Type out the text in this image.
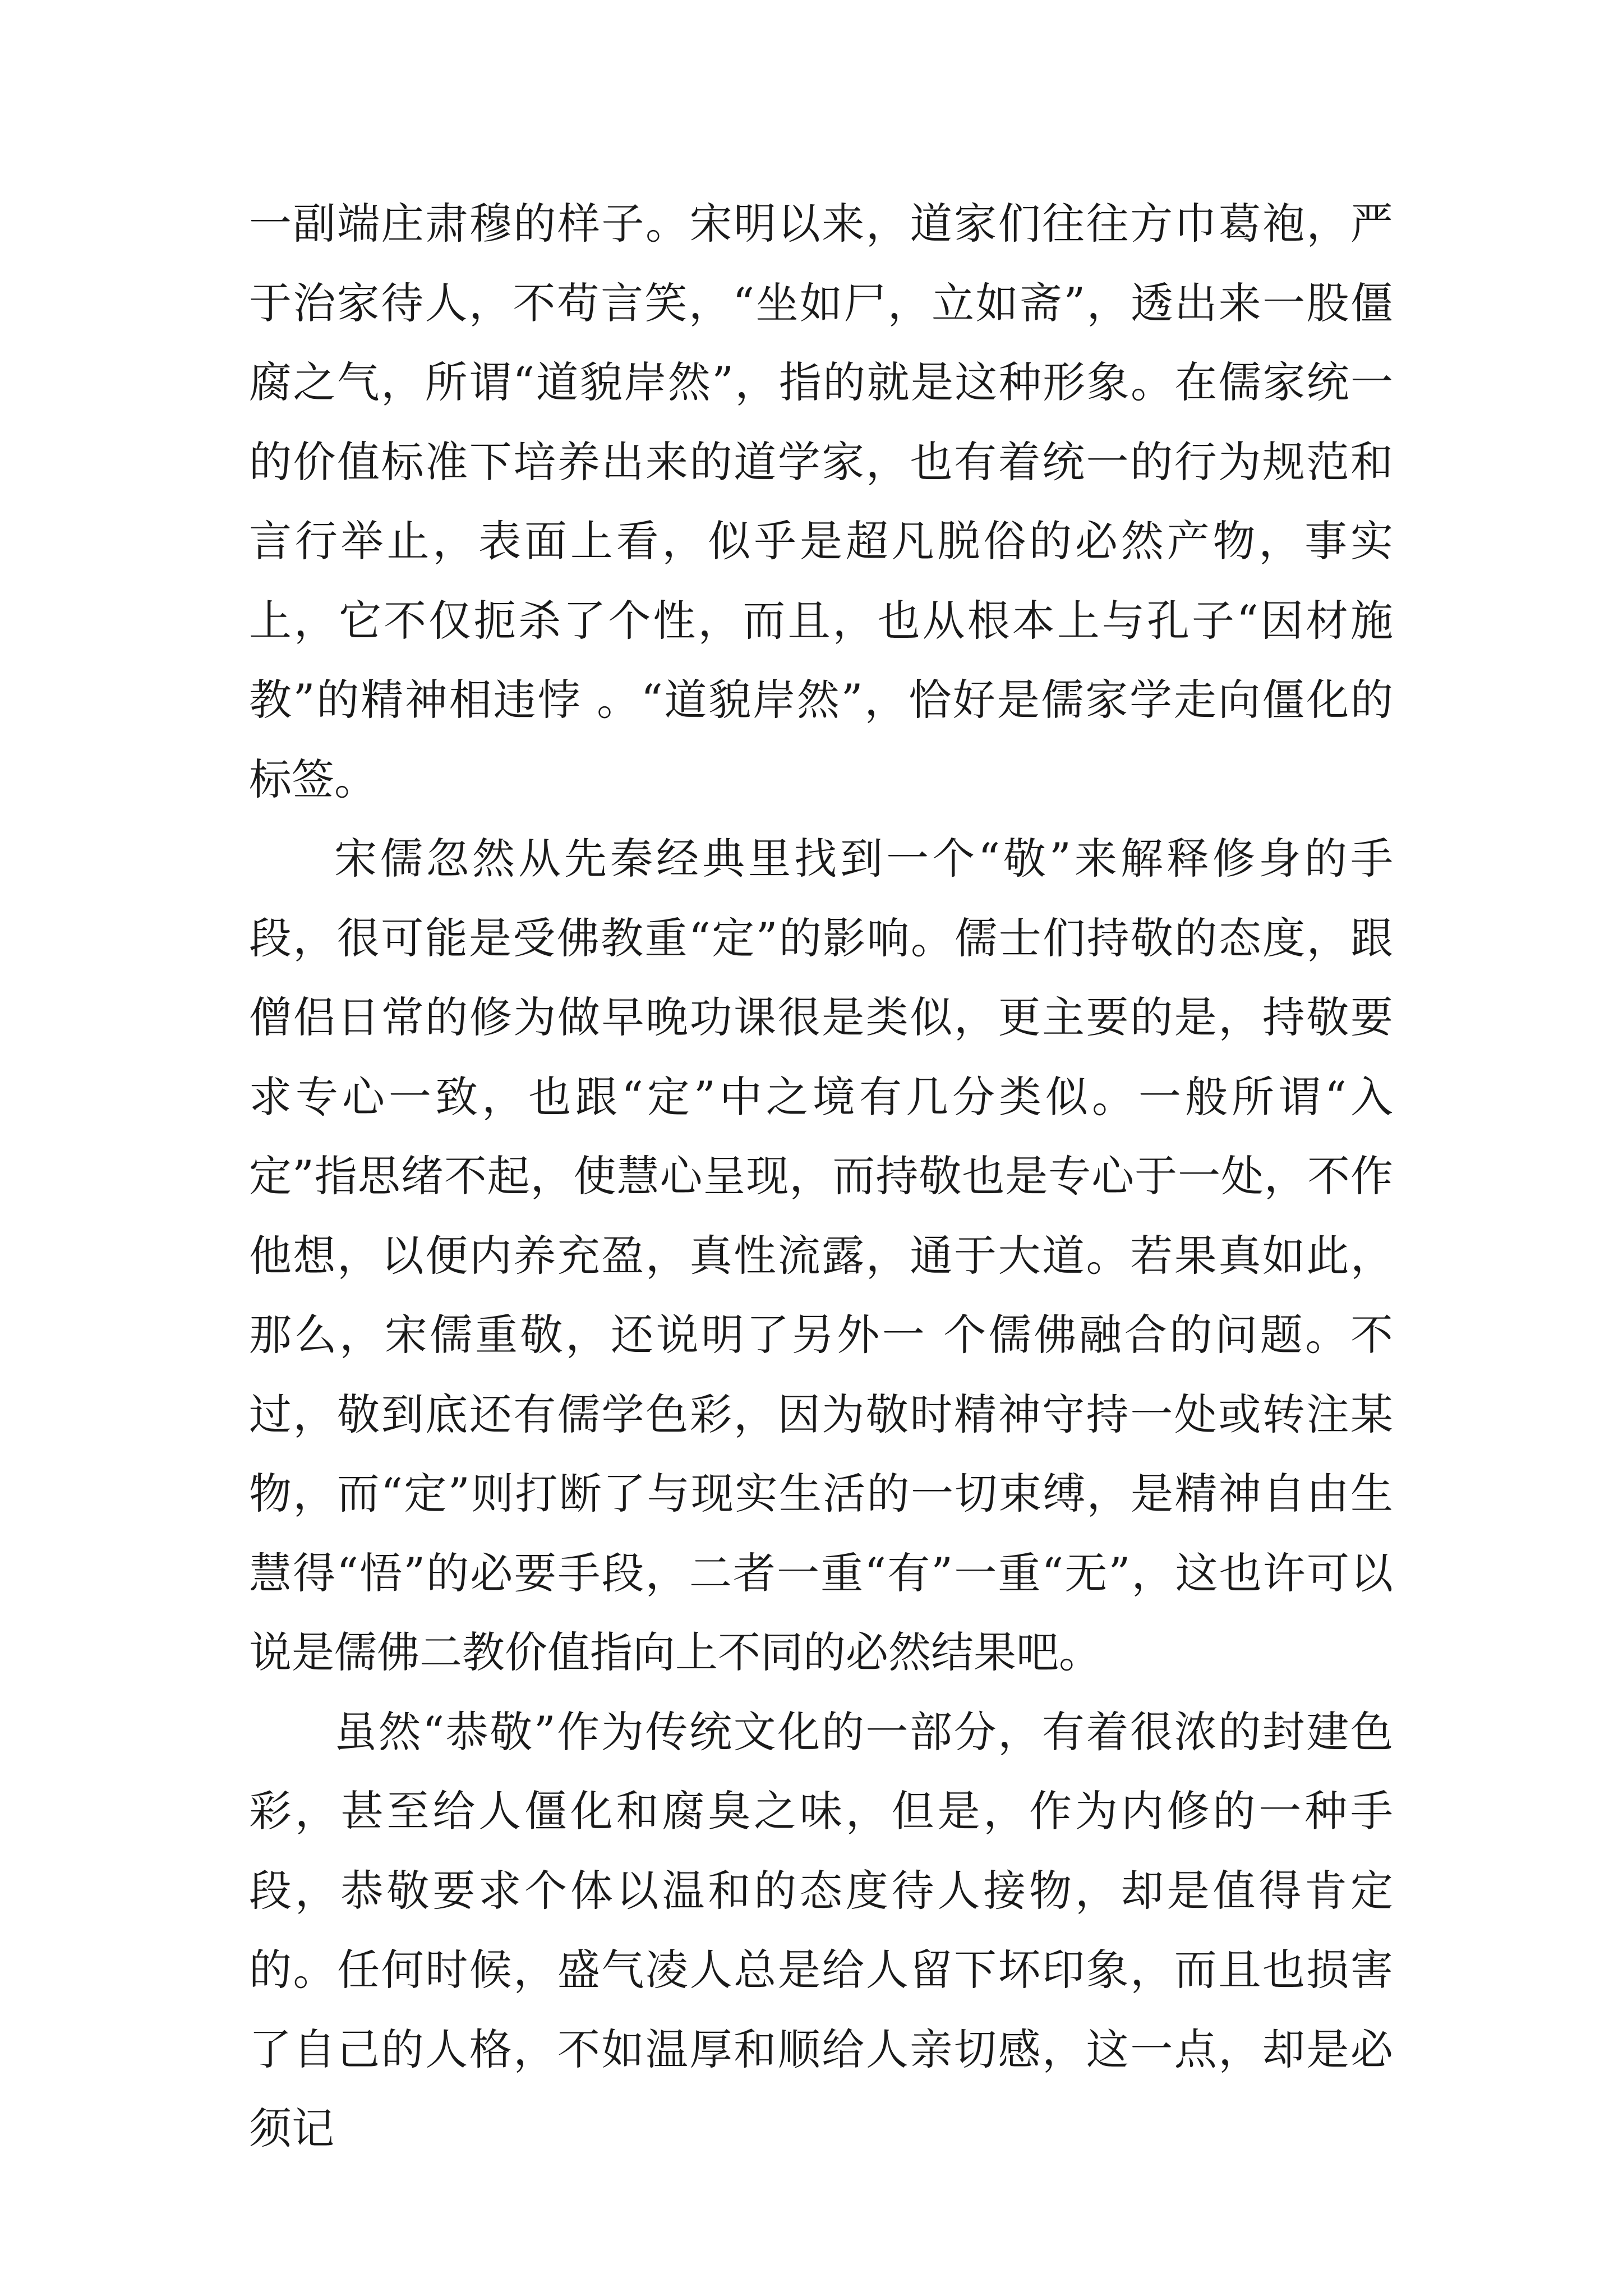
一副端庄肃穆的样子。宋明以来，道家们往往方巾葛袍，严于治家待人，不苟言笑，“坐如尸，立如斋”，透出来一股僵腐之气，所谓“道貌岸然”，指的就是这种形象。在儒家统一的价值标准下培养出来的道学家，也有着统一的行为规范和言行举止，表面上看，似乎是超凡脱俗的必然产物，事实上，它不仅扼杀了个性，而且，也从根本上与孔子“因材施教”的精神相违悖 。“道貌岸然”，恰好是儒家学走向僵化的标签。

宋儒忽然从先秦经典里找到一个“敬”来解释修身的手段，很可能是受佛教重“定”的影响。儒士们持敬的态度，跟僧侣日常的修为做早晚功课很是类似，更主要的是，持敬要求专心一致，也跟“定”中之境有几分类似。一般所谓“入定”指思绪不起，使慧心呈现，而持敬也是专心于一处，不作他想，以便内养充盈，真性流露，通于大道。若果真如此，那么，宋儒重敬，还说明了另外一 个儒佛融合的问题。不过，敬到底还有儒学色彩，因为敬时精神守持一处或转注某物，而“定”则打断了与现实生活的一切束缚，是精神自由生慧得“悟”的必要手段，二者一重“有”一重“无”，这也许可以说是儒佛二教价值指向上不同的必然结果吧。

虽然“恭敬”作为传统文化的一部分，有着很浓的封建色彩，甚至给人僵化和腐臭之味，但是，作为内修的一种手段，恭敬要求个体以温和的态度待人接物，却是值得肯定的。任何时候，盛气凌人总是给人留下坏印象，而且也损害了自己的人格，不如温厚和顺给人亲切感，这一点，却是必须记
